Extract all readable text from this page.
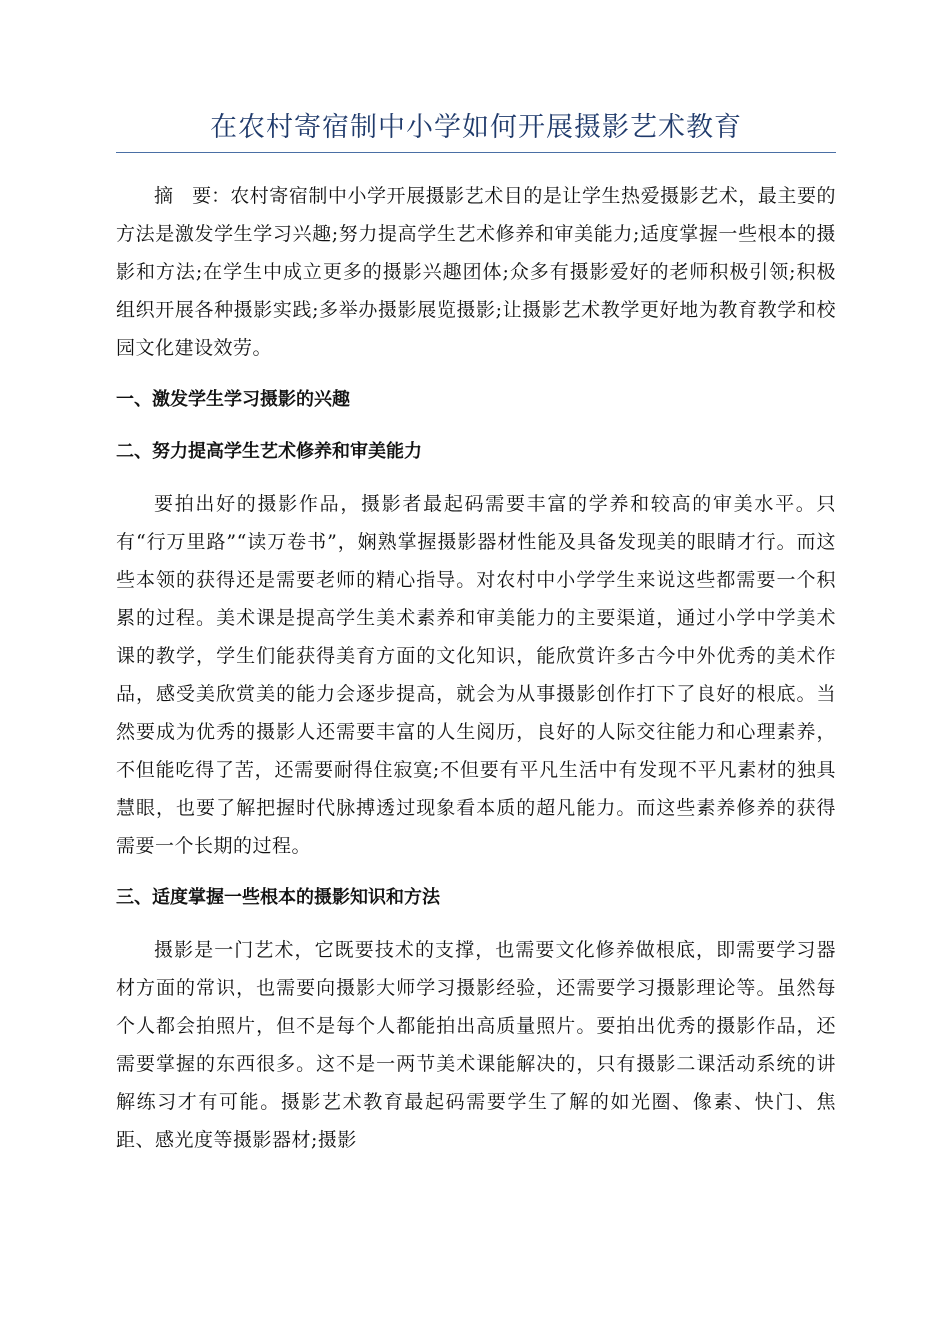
在农村寄宿制中小学如何开展摄影艺术教育

摘　要：农村寄宿制中小学开展摄影艺术目的是让学生热爱摄影艺术，最主要的方法是激发学生学习兴趣;努力提高学生艺术修养和审美能力;适度掌握一些根本的摄影和方法;在学生中成立更多的摄影兴趣团体;众多有摄影爱好的老师积极引领;积极组织开展各种摄影实践;多举办摄影展览摄影;让摄影艺术教学更好地为教育教学和校园文化建设效劳。

一、激发学生学习摄影的兴趣
二、努力提高学生艺术修养和审美能力

要拍出好的摄影作品，摄影者最起码需要丰富的学养和较高的审美水平。只有“行万里路”“读万卷书”，娴熟掌握摄影器材性能及具备发现美的眼睛才行。而这些本领的获得还是需要老师的精心指导。对农村中小学学生来说这些都需要一个积累的过程。美术课是提高学生美术素养和审美能力的主要渠道，通过小学中学美术课的教学，学生们能获得美育方面的文化知识，能欣赏许多古今中外优秀的美术作品，感受美欣赏美的能力会逐步提高，就会为从事摄影创作打下了良好的根底。当然要成为优秀的摄影人还需要丰富的人生阅历，良好的人际交往能力和心理素养，不但能吃得了苦，还需要耐得住寂寞;不但要有平凡生活中有发现不平凡素材的独具慧眼，也要了解把握时代脉搏透过现象看本质的超凡能力。而这些素养修养的获得需要一个长期的过程。

三、适度掌握一些根本的摄影知识和方法

摄影是一门艺术，它既要技术的支撑，也需要文化修养做根底，即需要学习器材方面的常识，也需要向摄影大师学习摄影经验，还需要学习摄影理论等。虽然每个人都会拍照片，但不是每个人都能拍出高质量照片。要拍出优秀的摄影作品，还需要掌握的东西很多。这不是一两节美术课能解决的，只有摄影二课活动系统的讲解练习才有可能。摄影艺术教育最起码需要学生了解的如光圈、像素、快门、焦距、感光度等摄影器材;摄影
